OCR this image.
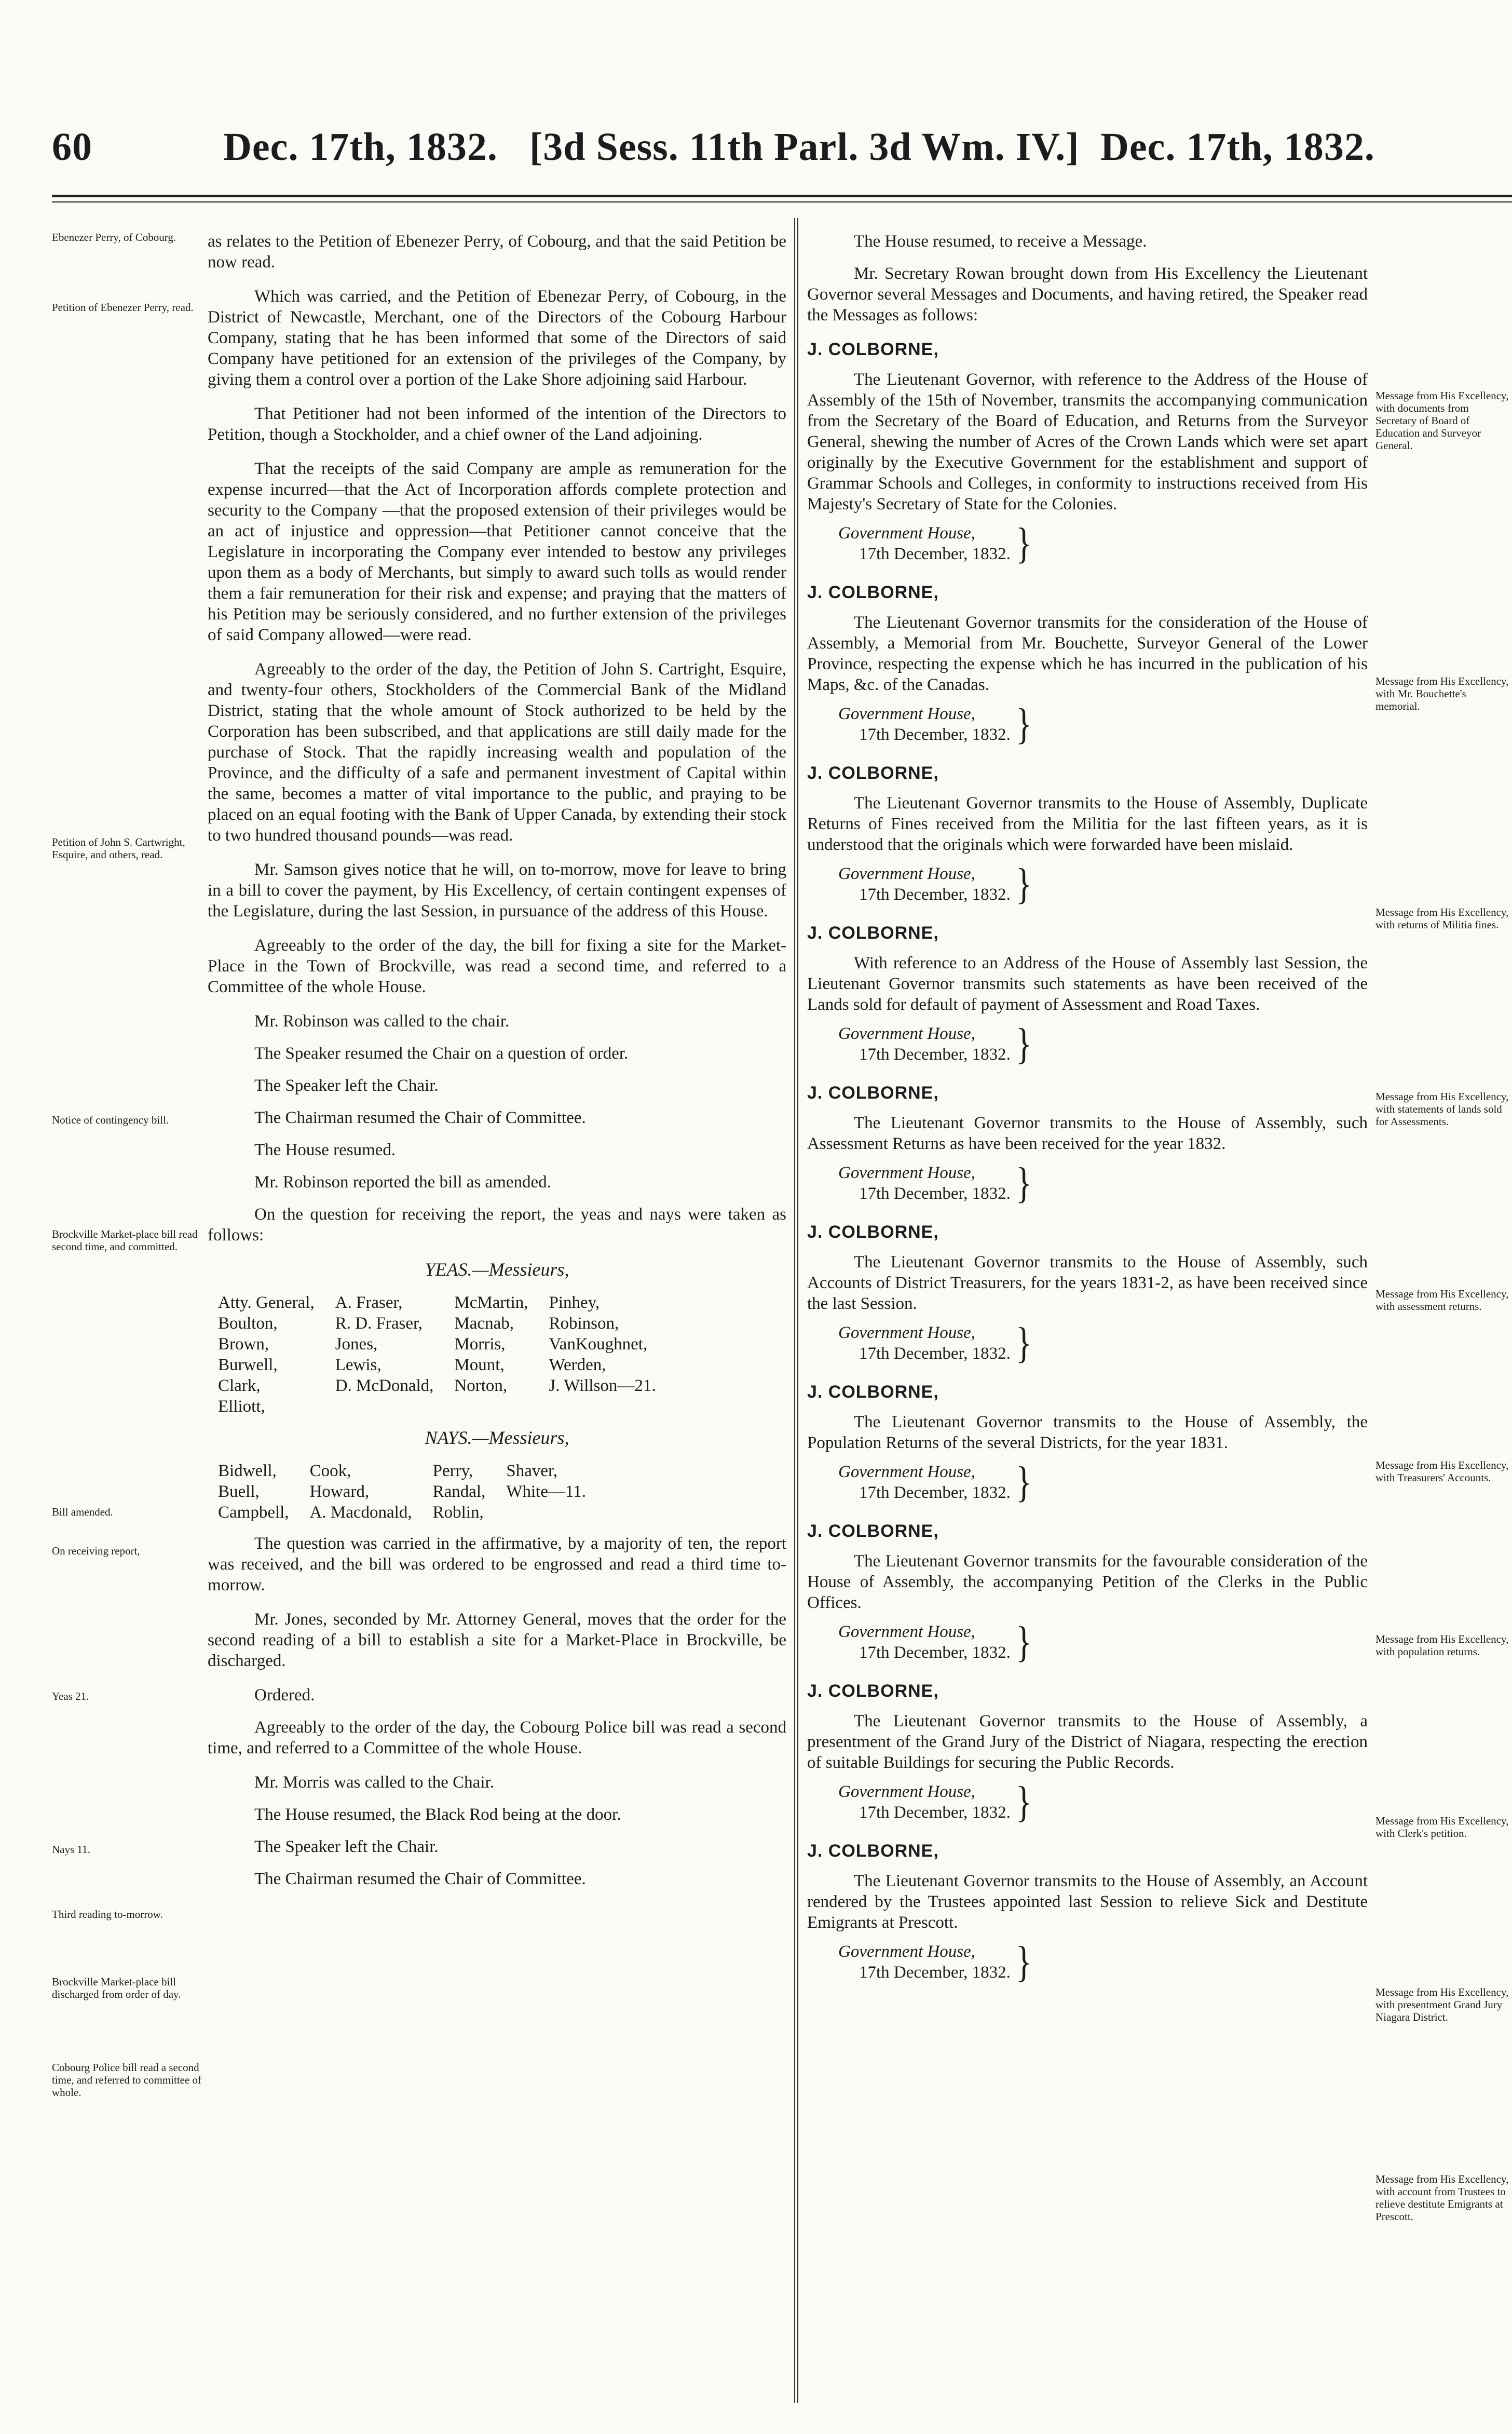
60	Dec. 17th, 1832. [3d Sess. 11th Parl. 3d Wm. IV.] Dec. 17th, 1832.

Ebenezer Perry, of Cobourg.

Petition of Ebenezer Perry, read.

Petition of John S. Cartwright, Esquire, and others, read.

Notice of contingency bill.

Brockville Market-place bill read second time, and committed.

Bill amended.

On receiving report,

Yeas 21.

Nays 11.

Third reading to-morrow.

Brockville Market-place bill discharged from order of day.

Cobourg Police bill read a second time, and referred to committee of whole.

as relates to the Petition of Ebenezer Perry, of Cobourg, and that the said Petition be now read.

Which was carried, and the Petition of Ebenezar Perry, of Cobourg, in the District of Newcastle, Merchant, one of the Directors of the Cobourg Harbour Company, stating that he has been informed that some of the Directors of said Company have petitioned for an extension of the privileges of the Company, by giving them a control over a portion of the Lake Shore adjoining said Harbour.

That Petitioner had not been informed of the intention of the Directors to Petition, though a Stockholder, and a chief owner of the Land adjoining.

That the receipts of the said Company are ample as remuneration for the expense incurred—that the Act of Incorporation affords complete protection and security to the Company —that the proposed extension of their privileges would be an act of injustice and oppression—that Petitioner cannot conceive that the Legislature in incorporating the Company ever intended to bestow any privileges upon them as a body of Merchants, but simply to award such tolls as would render them a fair remuneration for their risk and expense; and praying that the matters of his Petition may be seriously considered, and no further extension of the privileges of said Company allowed—were read.

Agreeably to the order of the day, the Petition of John S. Cartright, Esquire, and twenty-four others, Stockholders of the Commercial Bank of the Midland District, stating that the whole amount of Stock authorized to be held by the Corporation has been subscribed, and that applications are still daily made for the purchase of Stock. That the rapidly increasing wealth and population of the Province, and the difficulty of a safe and permanent investment of Capital within the same, becomes a matter of vital importance to the public, and praying to be placed on an equal footing with the Bank of Upper Canada, by extending their stock to two hundred thousand pounds—was read.

Mr. Samson gives notice that he will, on to-morrow, move for leave to bring in a bill to cover the payment, by His Excellency, of certain contingent expenses of the Legislature, during the last Session, in pursuance of the address of this House.

Agreeably to the order of the day, the bill for fixing a site for the Market-Place in the Town of Brockville, was read a second time, and referred to a Committee of the whole House.

Mr. Robinson was called to the chair.

The Speaker resumed the Chair on a question of order.

The Speaker left the Chair.

The Chairman resumed the Chair of Committee.

The House resumed.

Mr. Robinson reported the bill as amended.

On the question for receiving the report, the yeas and nays were taken as follows:

YEAS.—Messieurs,

Atty. General,	A. Fraser,	McMartin,	Pinhey,
Boulton,	R. D. Fraser,	Macnab,	Robinson,
Brown,	Jones,	Morris,	VanKoughnet,
Burwell,	Lewis,	Mount,	Werden,
Clark,	D. McDonald,	Norton,	J. Willson—21.
Elliott,			

NAYS.—Messieurs,

Bidwell,	Cook,	Perry,	Shaver,
Buell,	Howard,	Randal,	White—11.
Campbell,	A. Macdonald,	Roblin,	

The question was carried in the affirmative, by a majority of ten, the report was received, and the bill was ordered to be engrossed and read a third time to-morrow.

Mr. Jones, seconded by Mr. Attorney General, moves that the order for the second reading of a bill to establish a site for a Market-Place in Brockville, be discharged.

Ordered.

Agreeably to the order of the day, the Cobourg Police bill was read a second time, and referred to a Committee of the whole House.

Mr. Morris was called to the Chair.

The House resumed, the Black Rod being at the door.

The Speaker left the Chair.

The Chairman resumed the Chair of Committee.

The House resumed, to receive a Message.

Mr. Secretary Rowan brought down from His Excellency the Lieutenant Governor several Messages and Documents, and having retired, the Speaker read the Messages as follows:

J. COLBORNE,

The Lieutenant Governor, with reference to the Address of the House of Assembly of the 15th of November, transmits the accompanying communication from the Secretary of the Board of Education, and Returns from the Surveyor General, shewing the number of Acres of the Crown Lands which were set apart originally by the Executive Government for the establishment and support of Grammar Schools and Colleges, in conformity to instructions received from His Majesty's Secretary of State for the Colonies.

Government House,
17th December, 1832. }

J. COLBORNE,

The Lieutenant Governor transmits for the consideration of the House of Assembly, a Memorial from Mr. Bouchette, Surveyor General of the Lower Province, respecting the expense which he has incurred in the publication of his Maps, &c. of the Canadas.

Government House,
17th December, 1832. }

J. COLBORNE,

The Lieutenant Governor transmits to the House of Assembly, Duplicate Returns of Fines received from the Militia for the last fifteen years, as it is understood that the originals which were forwarded have been mislaid.

Government House,
17th December, 1832. }

J. COLBORNE,

With reference to an Address of the House of Assembly last Session, the Lieutenant Governor transmits such statements as have been received of the Lands sold for default of payment of Assessment and Road Taxes.

Government House,
17th December, 1832. }

J. COLBORNE,

The Lieutenant Governor transmits to the House of Assembly, such Assessment Returns as have been received for the year 1832.

Government House,
17th December, 1832. }

J. COLBORNE,

The Lieutenant Governor transmits to the House of Assembly, such Accounts of District Treasurers, for the years 1831-2, as have been received since the last Session.

Government House,
17th December, 1832. }

J. COLBORNE,

The Lieutenant Governor transmits to the House of Assembly, the Population Returns of the several Districts, for the year 1831.

Government House,
17th December, 1832. }

J. COLBORNE,

The Lieutenant Governor transmits for the favourable consideration of the House of Assembly, the accompanying Petition of the Clerks in the Public Offices.

Government House,
17th December, 1832. }

J. COLBORNE,

The Lieutenant Governor transmits to the House of Assembly, a presentment of the Grand Jury of the District of Niagara, respecting the erection of suitable Buildings for securing the Public Records.

Government House,
17th December, 1832. }

J. COLBORNE,

The Lieutenant Governor transmits to the House of Assembly, an Account rendered by the Trustees appointed last Session to relieve Sick and Destitute Emigrants at Prescott.

Government House,
17th December, 1832. }

Message from His Excellency, with documents from Secretary of Board of Education and Surveyor General.

Message from His Excellency, with Mr. Bouchette's memorial.

Message from His Excellency, with returns of Militia fines.

Message from His Excellency, with statements of lands sold for Assessments.

Message from His Excellency, with assessment returns.

Message from His Excellency, with Treasurers' Accounts.

Message from His Excellency, with population returns.

Message from His Excellency, with Clerk's petition.

Message from His Excellency, with presentment Grand Jury Niagara District.

Message from His Excellency, with account from Trustees to relieve destitute Emigrants at Prescott.
